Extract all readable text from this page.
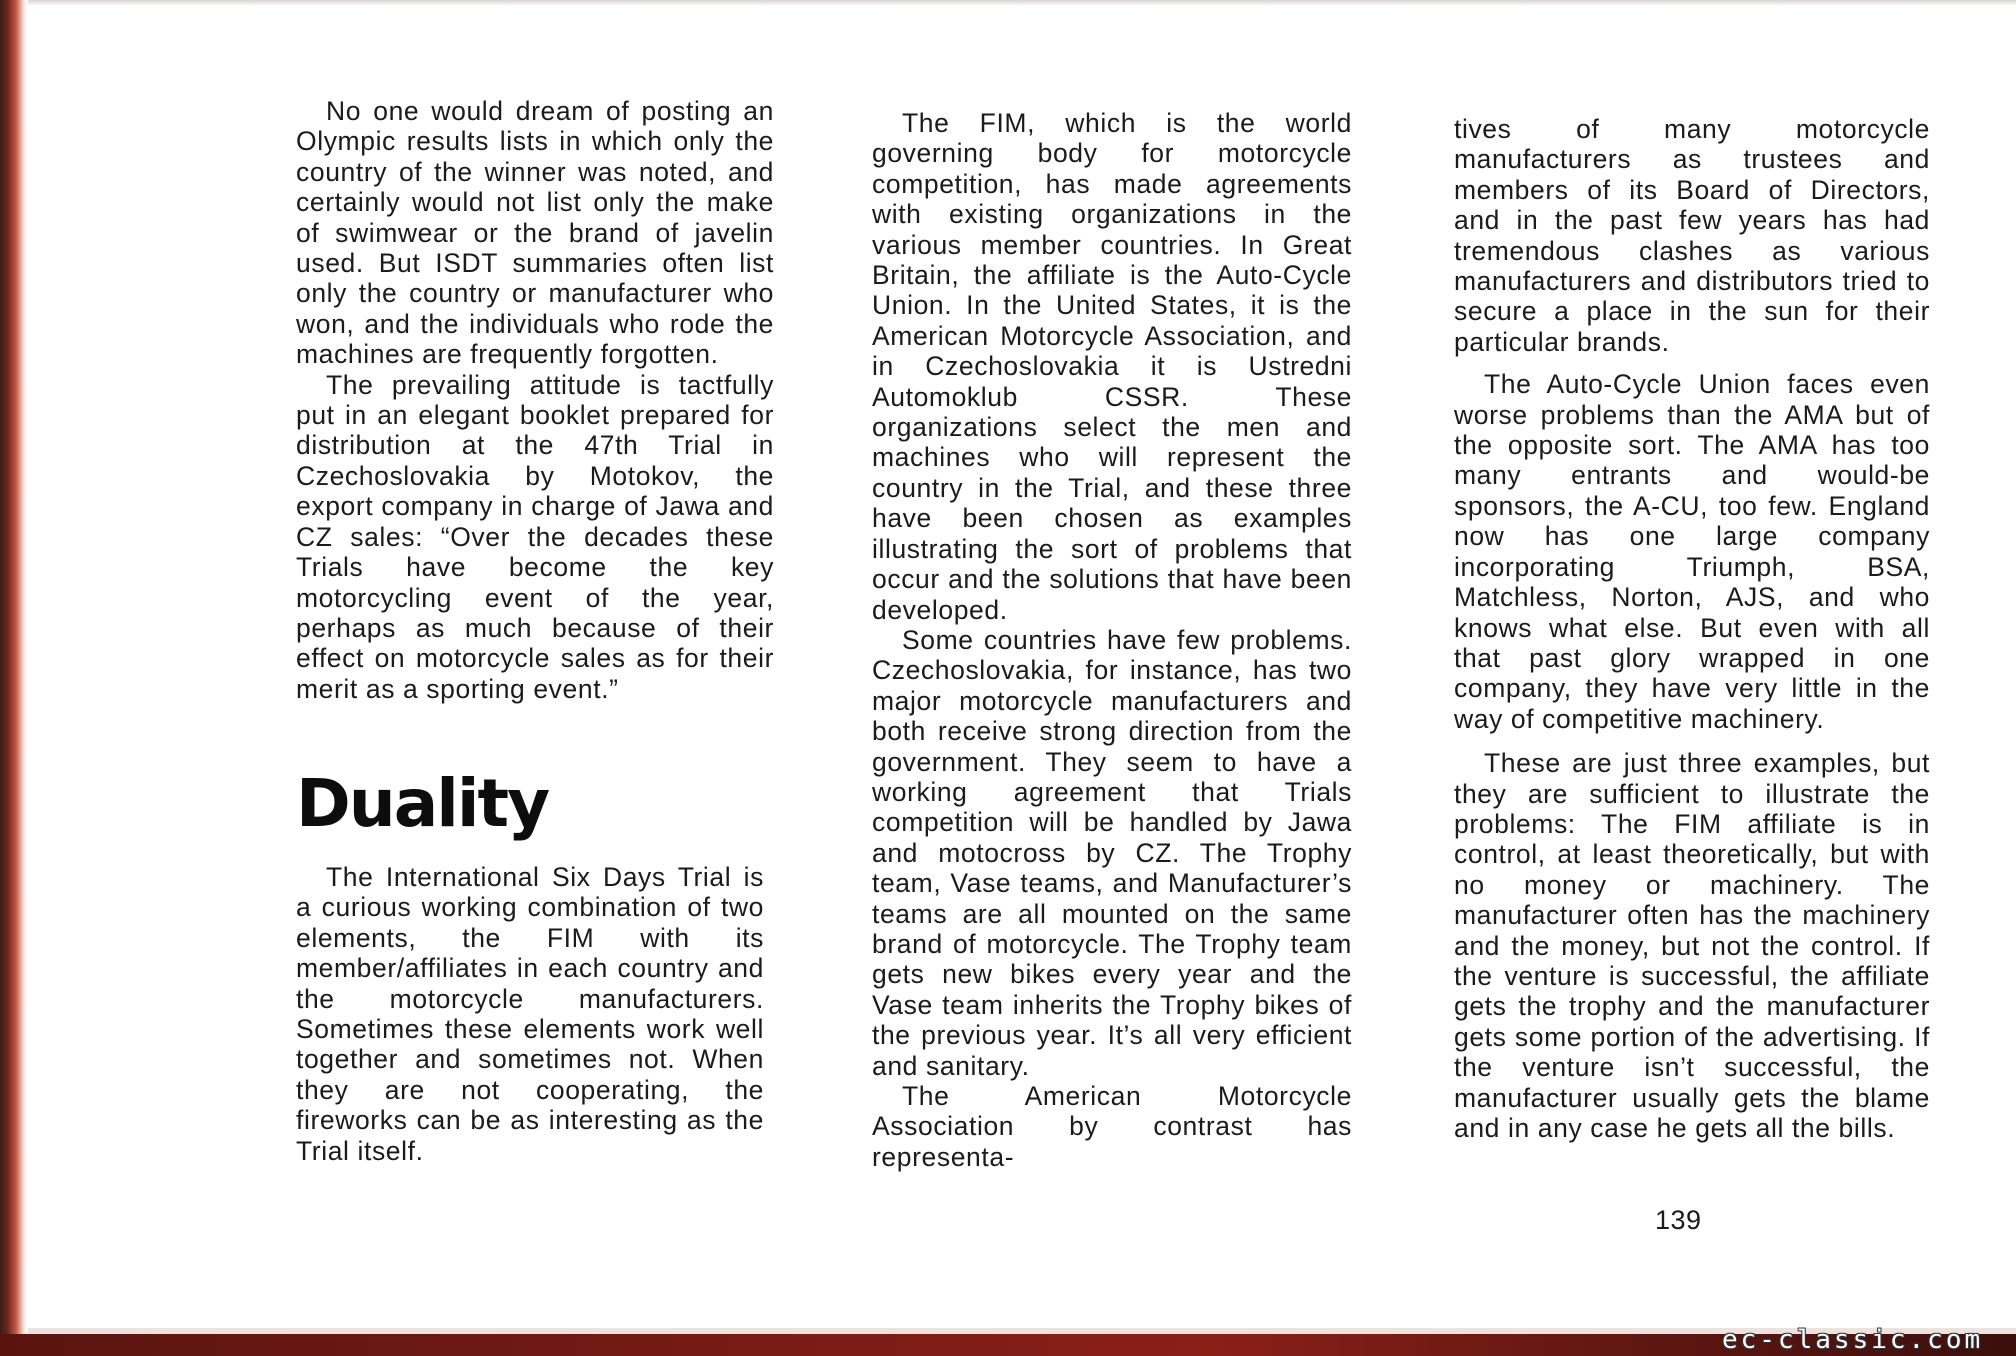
No one would dream of posting an Olympic results lists in which only the country of the winner was noted, and certainly would not list only the make of swimwear or the brand of javelin used. But ISDT summaries often list only the country or manufacturer who won, and the individuals who rode the machines are frequently forgotten.

The prevailing attitude is tactfully put in an elegant booklet prepared for distribution at the 47th Trial in Czechoslovakia by Motokov, the export company in charge of Jawa and CZ sales: “Over the decades these Trials have become the key motorcycling event of the year, perhaps as much because of their effect on motorcycle sales as for their merit as a sporting event.”

Duality

The International Six Days Trial is a curious working combination of two elements, the FIM with its member/affiliates in each country and the motorcycle manufacturers. Sometimes these elements work well together and sometimes not. When they are not cooperating, the fireworks can be as interesting as the Trial itself.

The FIM, which is the world governing body for motorcycle competition, has made agreements with existing organizations in the various member countries. In Great Britain, the affiliate is the Auto-Cycle Union. In the United States, it is the American Motorcycle Association, and in Czechoslovakia it is Ustredni Automoklub CSSR. These organizations select the men and machines who will represent the country in the Trial, and these three have been chosen as examples illustrating the sort of problems that occur and the solutions that have been developed.

Some countries have few problems. Czechoslovakia, for instance, has two major motorcycle manufacturers and both receive strong direction from the government. They seem to have a working agreement that Trials competition will be handled by Jawa and motocross by CZ. The Trophy team, Vase teams, and Manufacturer’s teams are all mounted on the same brand of motorcycle. The Trophy team gets new bikes every year and the Vase team inherits the Trophy bikes of the previous year. It’s all very efficient and sanitary.

The American Motorcycle Association by contrast has representa-

tives of many motorcycle manufacturers as trustees and members of its Board of Directors, and in the past few years has had tremendous clashes as various manufacturers and distributors tried to secure a place in the sun for their particular brands.

The Auto-Cycle Union faces even worse problems than the AMA but of the opposite sort. The AMA has too many entrants and would-be sponsors, the A-CU, too few. England now has one large company incorporating Triumph, BSA, Matchless, Norton, AJS, and who knows what else. But even with all that past glory wrapped in one company, they have very little in the way of competitive machinery.

These are just three examples, but they are sufficient to illustrate the problems: The FIM affiliate is in control, at least theoretically, but with no money or machinery. The manufacturer often has the machinery and the money, but not the control. If the venture is successful, the affiliate gets the trophy and the manufacturer gets some portion of the advertising. If the venture isn’t successful, the manufacturer usually gets the blame and in any case he gets all the bills.

139
ec-classic.com
